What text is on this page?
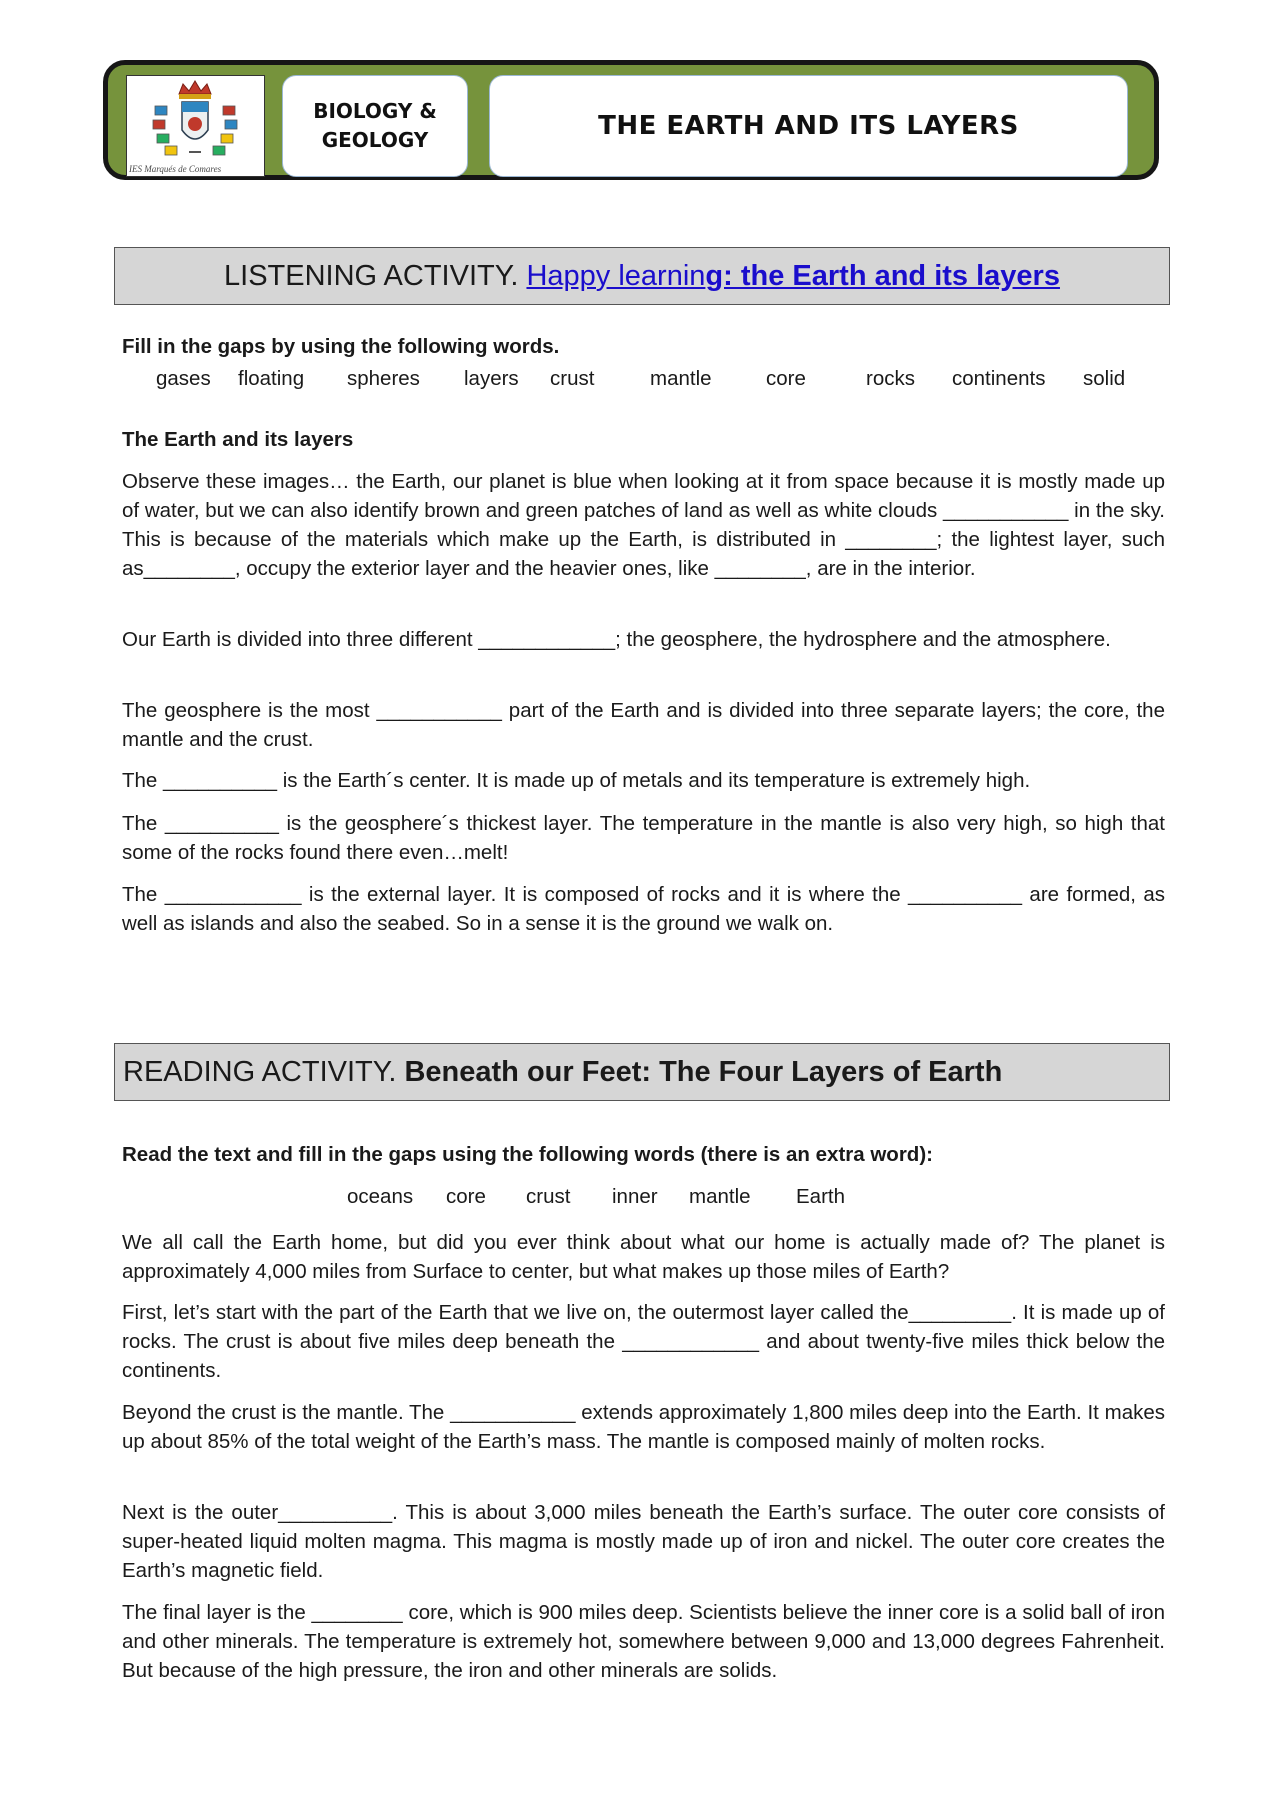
IES Marqués de Comares
BIOLOGY & GEOLOGY	THE EARTH AND ITS LAYERS
LISTENING ACTIVITY.
Happy learning: the Earth and its layers
Fill in the gaps by using the following words.
gases floating spheres layers crust	mantle	core	rocks continents solid
The Earth and its layers

Observe these images… the Earth, our planet is blue when looking at it from space because it is mostly made up of water, but we can also identify brown and green patches of land as well as white clouds ___________ in the sky. This is because of the materials which make up the Earth, is distributed in ________; the lightest layer, such as________, occupy the exterior layer and the heavier ones, like ________, are in the interior.

Our Earth is divided into three different ____________; the geosphere, the hydrosphere and the atmosphere.

The geosphere is the most ___________ part of the Earth and is divided into three separate layers; the core, the mantle and the crust.

The __________ is the Earth´s center. It is made up of metals and its temperature is extremely high.

The __________ is the geosphere´s thickest layer. The temperature in the mantle is also very high, so high that some of the rocks found there even…melt!

The ____________ is the external layer. It is composed of rocks and it is where the __________ are formed, as well as islands and also the seabed. So in a sense it is the ground we walk on.

READING ACTIVITY.
Beneath our Feet: The Four Layers of Earth
Read the text and fill in the gaps using the following words (there is an extra word):
oceans core crust inner mantle Earth

We all call the Earth home, but did you ever think about what our home is actually made of? The planet is approximately 4,000 miles from Surface to center, but what makes up those miles of Earth?

First, let’s start with the part of the Earth that we live on, the outermost layer called the_________. It is made up of rocks. The crust is about five miles deep beneath the ____________ and about twenty-five miles thick below the continents.

Beyond the crust is the mantle. The ___________ extends approximately 1,800 miles deep into the Earth. It makes up about 85% of the total weight of the Earth’s mass. The mantle is composed mainly of molten rocks.

Next is the outer__________. This is about 3,000 miles beneath the Earth’s surface. The outer core consists of super-heated liquid molten magma. This magma is mostly made up of iron and nickel. The outer core creates the Earth’s magnetic field.

The final layer is the ________ core, which is 900 miles deep. Scientists believe the inner core is a solid ball of iron and other minerals. The temperature is extremely hot, somewhere between 9,000 and 13,000 degrees Fahrenheit. But because of the high pressure, the iron and other minerals are solids.
